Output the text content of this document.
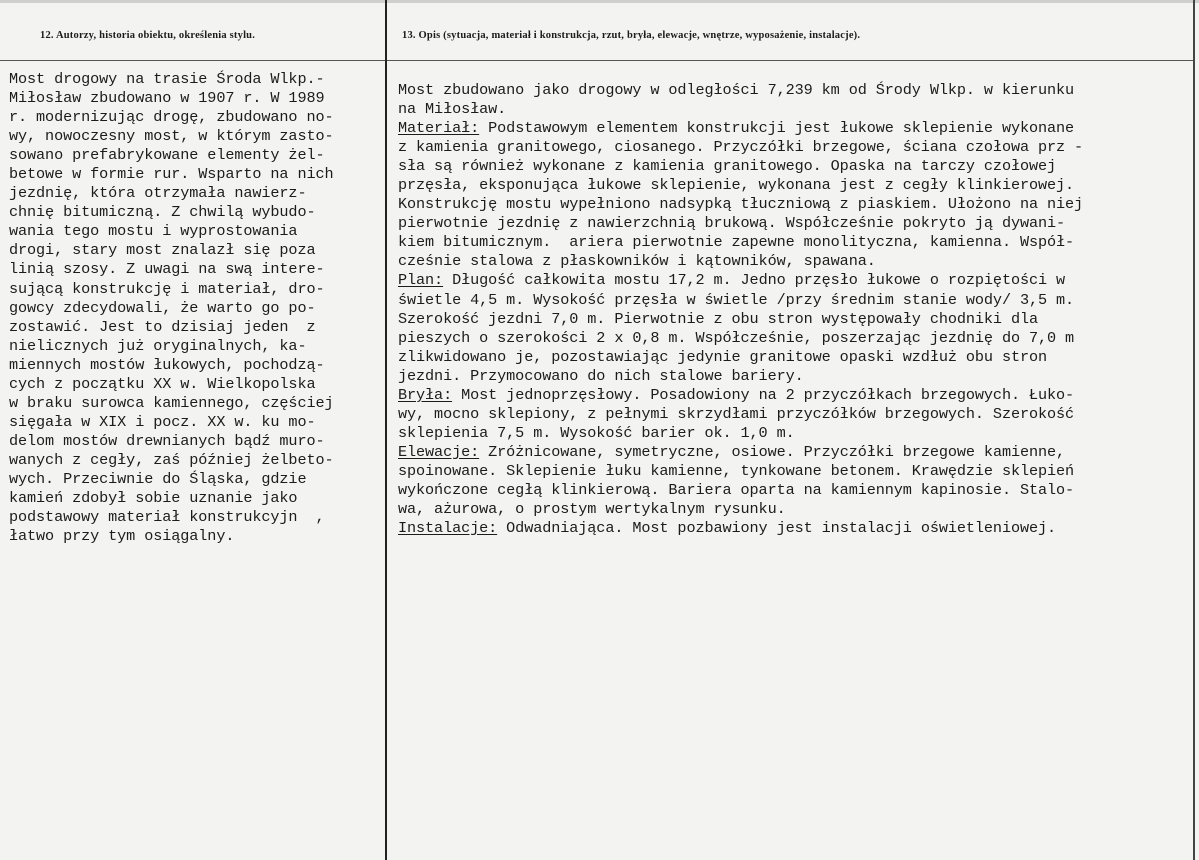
12. Autorzy, historia obiektu, określenia stylu.	13. Opis (sytuacja, materiał i konstrukcja, rzut, bryła, elewacje, wnętrze, wyposażenie, instalacje).
Most drogowy na trasie Środa Wlkp.-
Miłosław zbudowano w 1907 r. W 1989
r. modernizując drogę, zbudowano no-
wy, nowoczesny most, w którym zasto-
sowano prefabrykowane elementy żel-
betowe w formie rur. Wsparto na nich
jezdnię, która otrzymała nawierz-
chnię bitumiczną. Z chwilą wybudo-
wania tego mostu i wyprostowania
drogi, stary most znalazł się poza
linią szosy. Z uwagi na swą intere-
sującą konstrukcję i materiał, dro-
gowcy zdecydowali, że warto go po-
zostawić. Jest to dzisiaj jeden  z
nielicznych już oryginalnych, ka-
miennych mostów łukowych, pochodzą-
cych z początku XX w. Wielkopolska
w braku surowca kamiennego, częściej
sięgała w XIX i pocz. XX w. ku mo-
delom mostów drewnianych bądź muro-
wanych z cegły, zaś później żelbeto-
wych. Przeciwnie do Śląska, gdzie
kamień zdobył sobie uznanie jako
podstawowy materiał konstrukcyjn  ,
łatwo przy tym osiągalny.
Most zbudowano jako drogowy w odległości 7,239 km od Środy Wlkp. w kierunku
na Miłosław.
Materiał: Podstawowym elementem konstrukcji jest łukowe sklepienie wykonane
z kamienia granitowego, ciosanego. Przyczółki brzegowe, ściana czołowa prz -
sła są również wykonane z kamienia granitowego. Opaska na tarczy czołowej
przęsła, eksponująca łukowe sklepienie, wykonana jest z cegły klinkierowej.
Konstrukcję mostu wypełniono nadsypką tłuczniową z piaskiem. Ułożono na niej
pierwotnie jezdnię z nawierzchnią brukową. Współcześnie pokryto ją dywani-
kiem bitumicznym.  ariera pierwotnie zapewne monolityczna, kamienna. Współ-
cześnie stalowa z płaskowników i kątowników, spawana.
Plan: Długość całkowita mostu 17,2 m. Jedno przęsło łukowe o rozpiętości w
świetle 4,5 m. Wysokość przęsła w świetle /przy średnim stanie wody/ 3,5 m.
Szerokość jezdni 7,0 m. Pierwotnie z obu stron występowały chodniki dla
pieszych o szerokości 2 x 0,8 m. Współcześnie, poszerzając jezdnię do 7,0 m
zlikwidowano je, pozostawiając jedynie granitowe opaski wzdłuż obu stron
jezdni. Przymocowano do nich stalowe bariery.
Bryła: Most jednoprzęsłowy. Posadowiony na 2 przyczółkach brzegowych. Łuko-
wy, mocno sklepiony, z pełnymi skrzydłami przyczółków brzegowych. Szerokość
sklepienia 7,5 m. Wysokość barier ok. 1,0 m.
Elewacje: Zróżnicowane, symetryczne, osiowe. Przyczółki brzegowe kamienne,
spoinowane. Sklepienie łuku kamienne, tynkowane betonem. Krawędzie sklepień
wykończone cegłą klinkierową. Bariera oparta na kamiennym kapinosie. Stalo-
wa, ażurowa, o prostym wertykalnym rysunku.
Instalacje: Odwadniająca. Most pozbawiony jest instalacji oświetleniowej.
